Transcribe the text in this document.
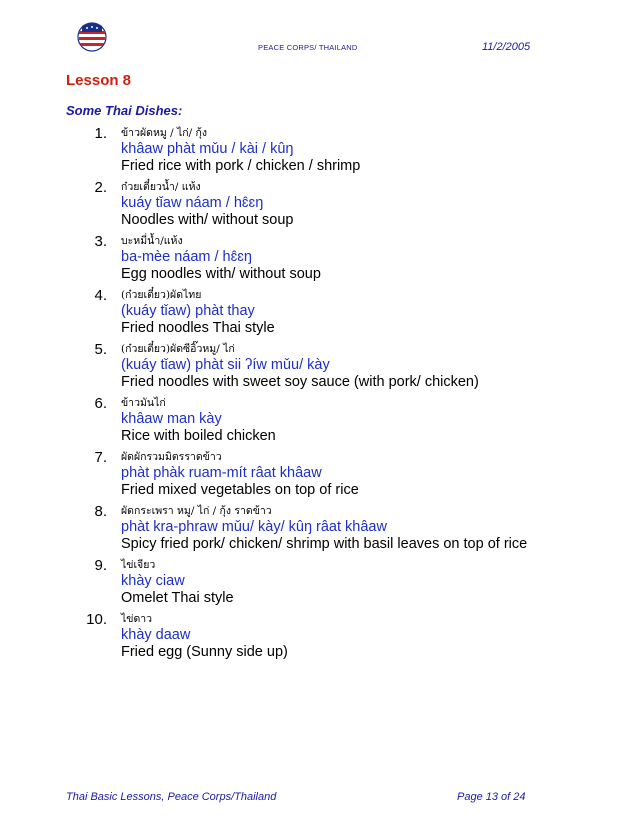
PEACE CORPS/ THAILAND	11/2/2005
Lesson 8
Some Thai Dishes:
1. ข้าวผัดหมู / ไก่/ กุ้ง
khâaw phàt mǔu / kài / kûŋ
Fried rice with pork / chicken / shrimp
2. ก๋วยเตี๋ยวน้ำ/ แห้ง
kuáy tǐaw náam / hɛ̂ɛŋ
Noodles with/ without soup
3. บะหมี่น้ำ/แห้ง
ba-mèe náam / hɛ̂ɛŋ
Egg noodles with/ without soup
4. (ก๋วยเตี๋ยว)ผัดไทย
(kuáy tǐaw) phàt thay
Fried noodles Thai style
5. (ก๋วยเตี๋ยว)ผัดซีอิ๊วหมู/ ไก่
(kuáy tǐaw) phàt sii ʔíw mǔu/ kày
Fried noodles with sweet soy sauce (with pork/ chicken)
6. ข้าวมันไก่
khâaw man kày
Rice with boiled chicken
7. ผัดผักรวมมิตรราดข้าว
phàt phàk ruam-mít râat khâaw
Fried mixed vegetables on top of rice
8. ผัดกระเพรา หมู/ ไก่ / กุ้ง ราดข้าว
phàt kra-phraw mǔu/ kày/ kûŋ râat khâaw
Spicy fried pork/ chicken/ shrimp with basil leaves on top of rice
9. ไข่เจียว
khày ciaw
Omelet Thai style
10. ไข่ดาว
khày daaw
Fried egg (Sunny side up)
Thai Basic Lessons, Peace Corps/Thailand	Page 13 of 24
